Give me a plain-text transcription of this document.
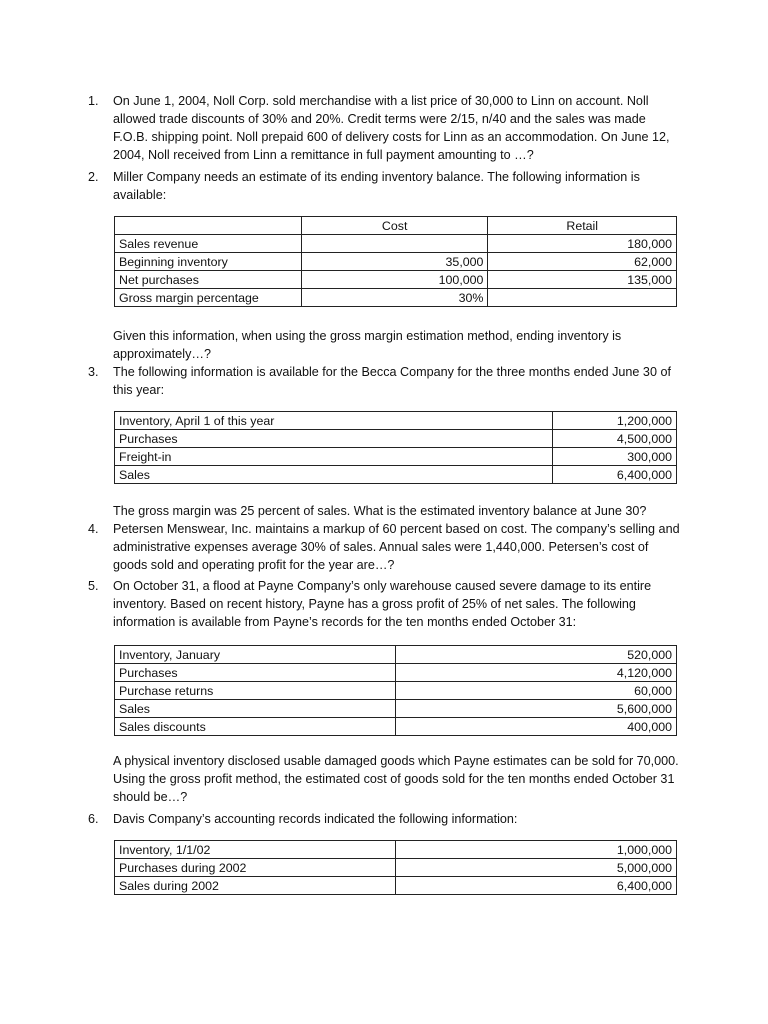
1.	On June 1, 2004, Noll Corp. sold merchandise with a list price of 30,000 to Linn on account. Noll allowed trade discounts of 30% and 20%. Credit terms were 2/15, n/40 and the sales was made F.O.B. shipping point. Noll prepaid 600 of delivery costs for Linn as an accommodation. On June 12, 2004, Noll received from Linn a remittance in full payment amounting to …?
2.	Miller Company needs an estimate of its ending inventory balance. The following information is available:
	Cost	Retail
Sales revenue		180,000
Beginning inventory	35,000	62,000
Net purchases	100,000	135,000
Gross margin percentage	30%	
Given this information, when using the gross margin estimation method, ending inventory is approximately…?
3.	The following information is available for the Becca Company for the three months ended June 30 of this year:
Inventory, April 1 of this year	1,200,000
Purchases	4,500,000
Freight-in	300,000
Sales	6,400,000
The gross margin was 25 percent of sales. What is the estimated inventory balance at June 30?
4.	Petersen Menswear, Inc. maintains a markup of 60 percent based on cost. The company’s selling and administrative expenses average 30% of sales. Annual sales were 1,440,000. Petersen’s cost of goods sold and operating profit for the year are…?
5.	On October 31, a flood at Payne Company’s only warehouse caused severe damage to its entire inventory. Based on recent history, Payne has a gross profit of 25% of net sales. The following information is available from Payne’s records for the ten months ended October 31:
Inventory, January	520,000
Purchases	4,120,000
Purchase returns	60,000
Sales	5,600,000
Sales discounts	400,000
A physical inventory disclosed usable damaged goods which Payne estimates can be sold for 70,000. Using the gross profit method, the estimated cost of goods sold for the ten months ended October 31 should be…?
6.	Davis Company’s accounting records indicated the following information:
Inventory, 1/1/02	1,000,000
Purchases during 2002	5,000,000
Sales during 2002	6,400,000
